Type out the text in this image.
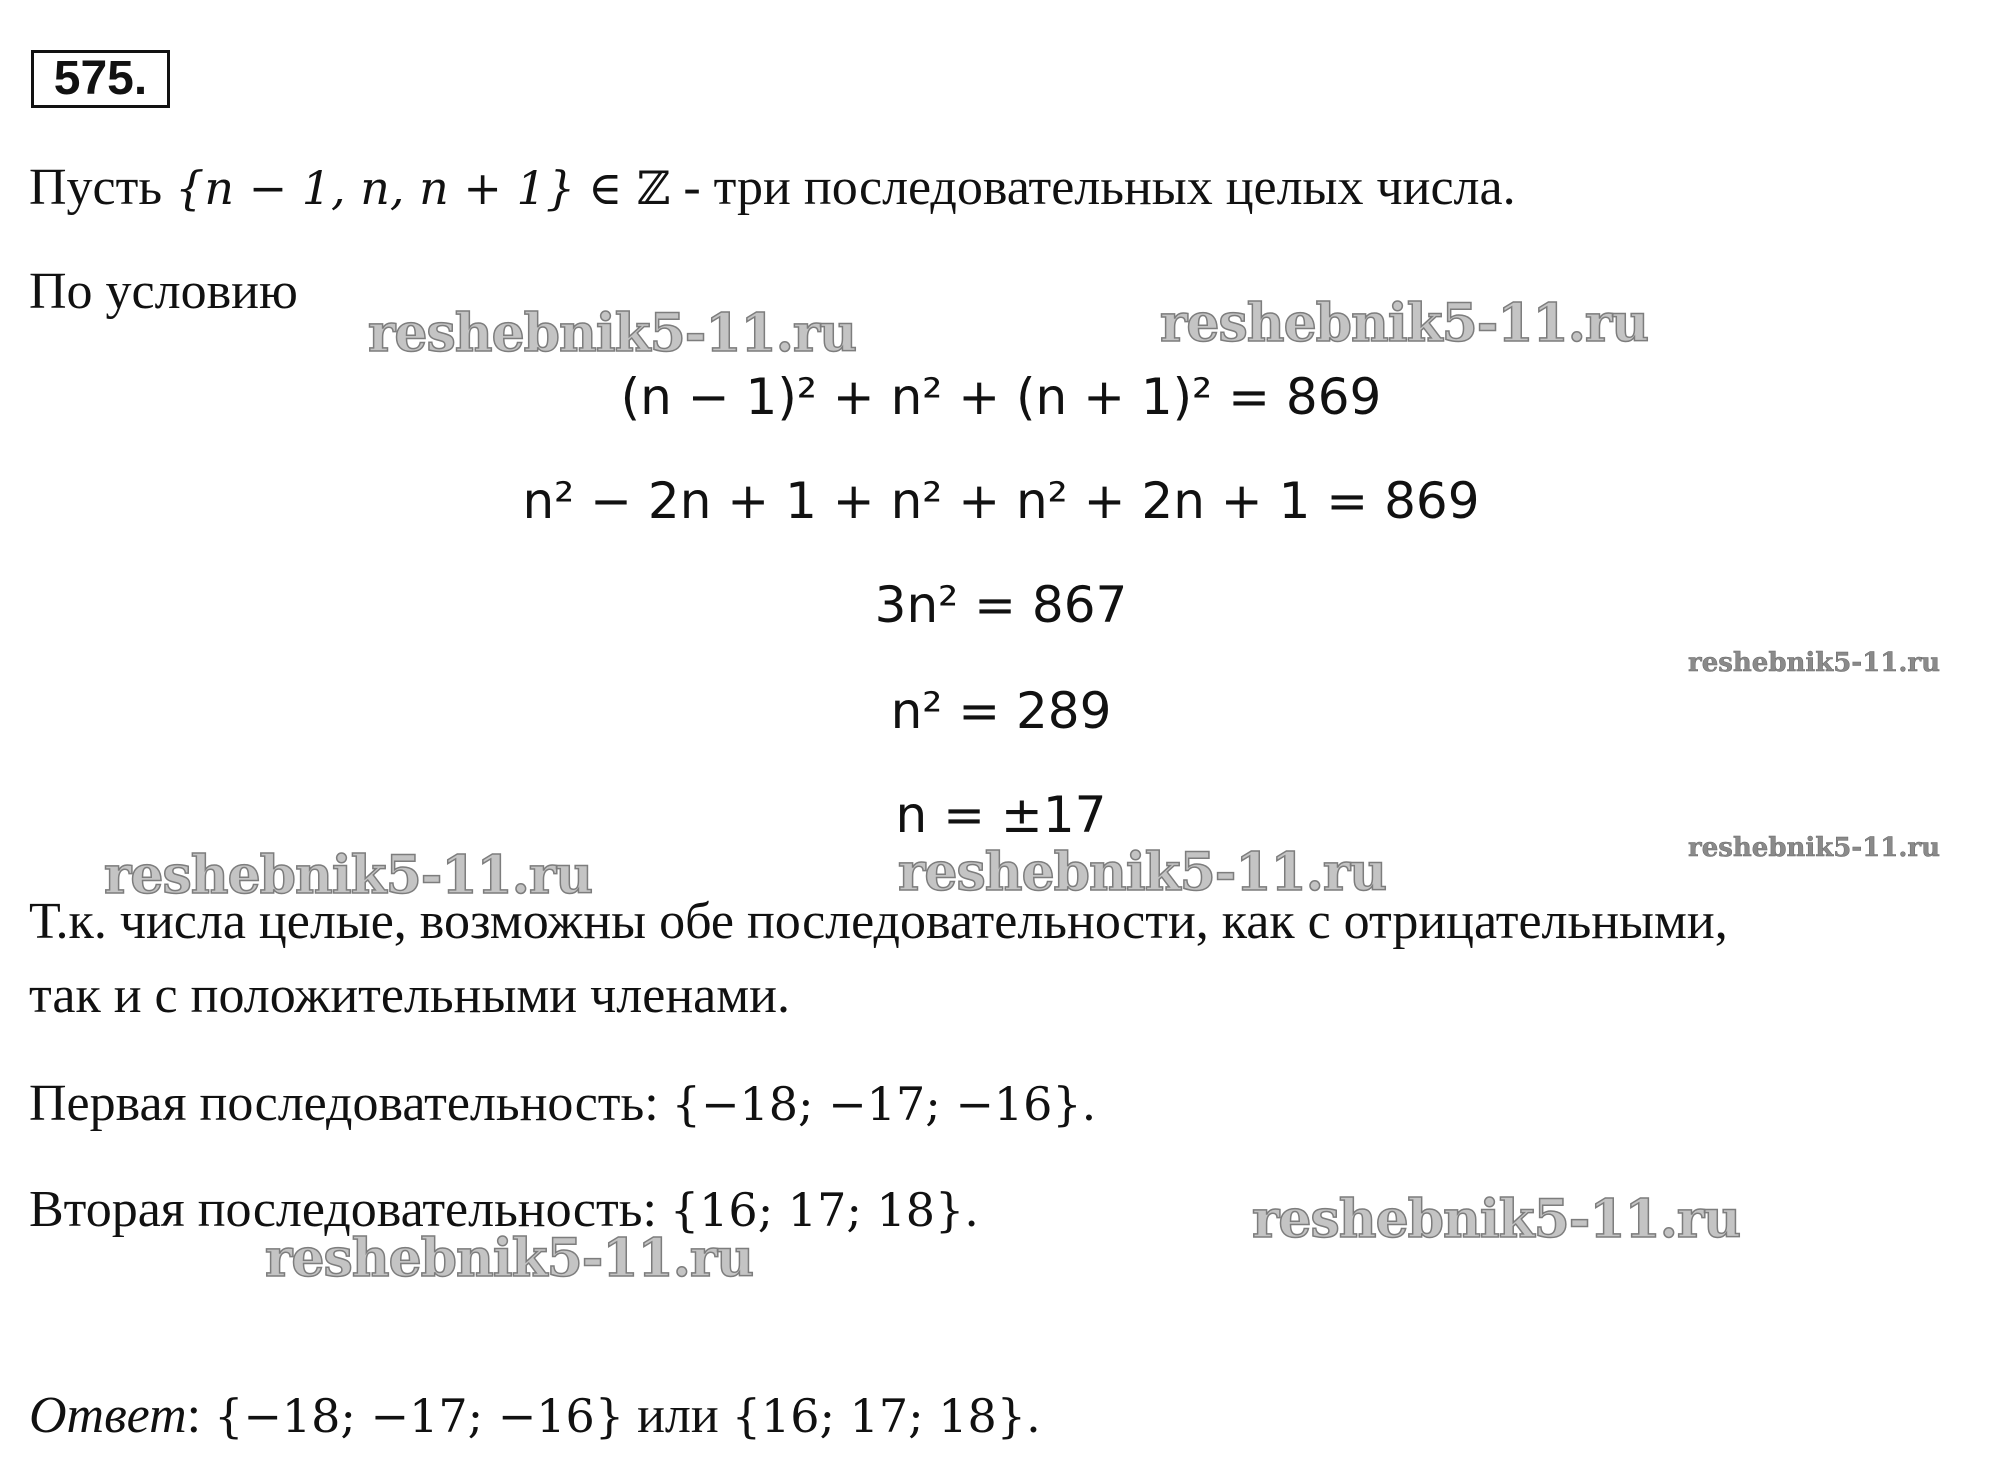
575.
Пусть {n − 1, n, n + 1} ∈ ℤ - три последовательных целых числа.
По условию
(n − 1)² + n² + (n + 1)² = 869
n² − 2n + 1 + n² + n² + 2n + 1 = 869
3n² = 867
n² = 289
n = ±17
Т.к. числа целые, возможны обе последовательности, как с отрицательными,
так и с положительными членами.
Первая последовательность: {−18; −17; −16}.
Вторая последовательность: {16; 17; 18}.
Ответ: {−18; −17; −16} или {16; 17; 18}.
reshebnik5-11.ru	reshebnik5-11.ru
reshebnik5-11.ru
reshebnik5-11.ru
reshebnik5-11.ru	reshebnik5-11.ru
reshebnik5-11.ru
reshebnik5-11.ru
